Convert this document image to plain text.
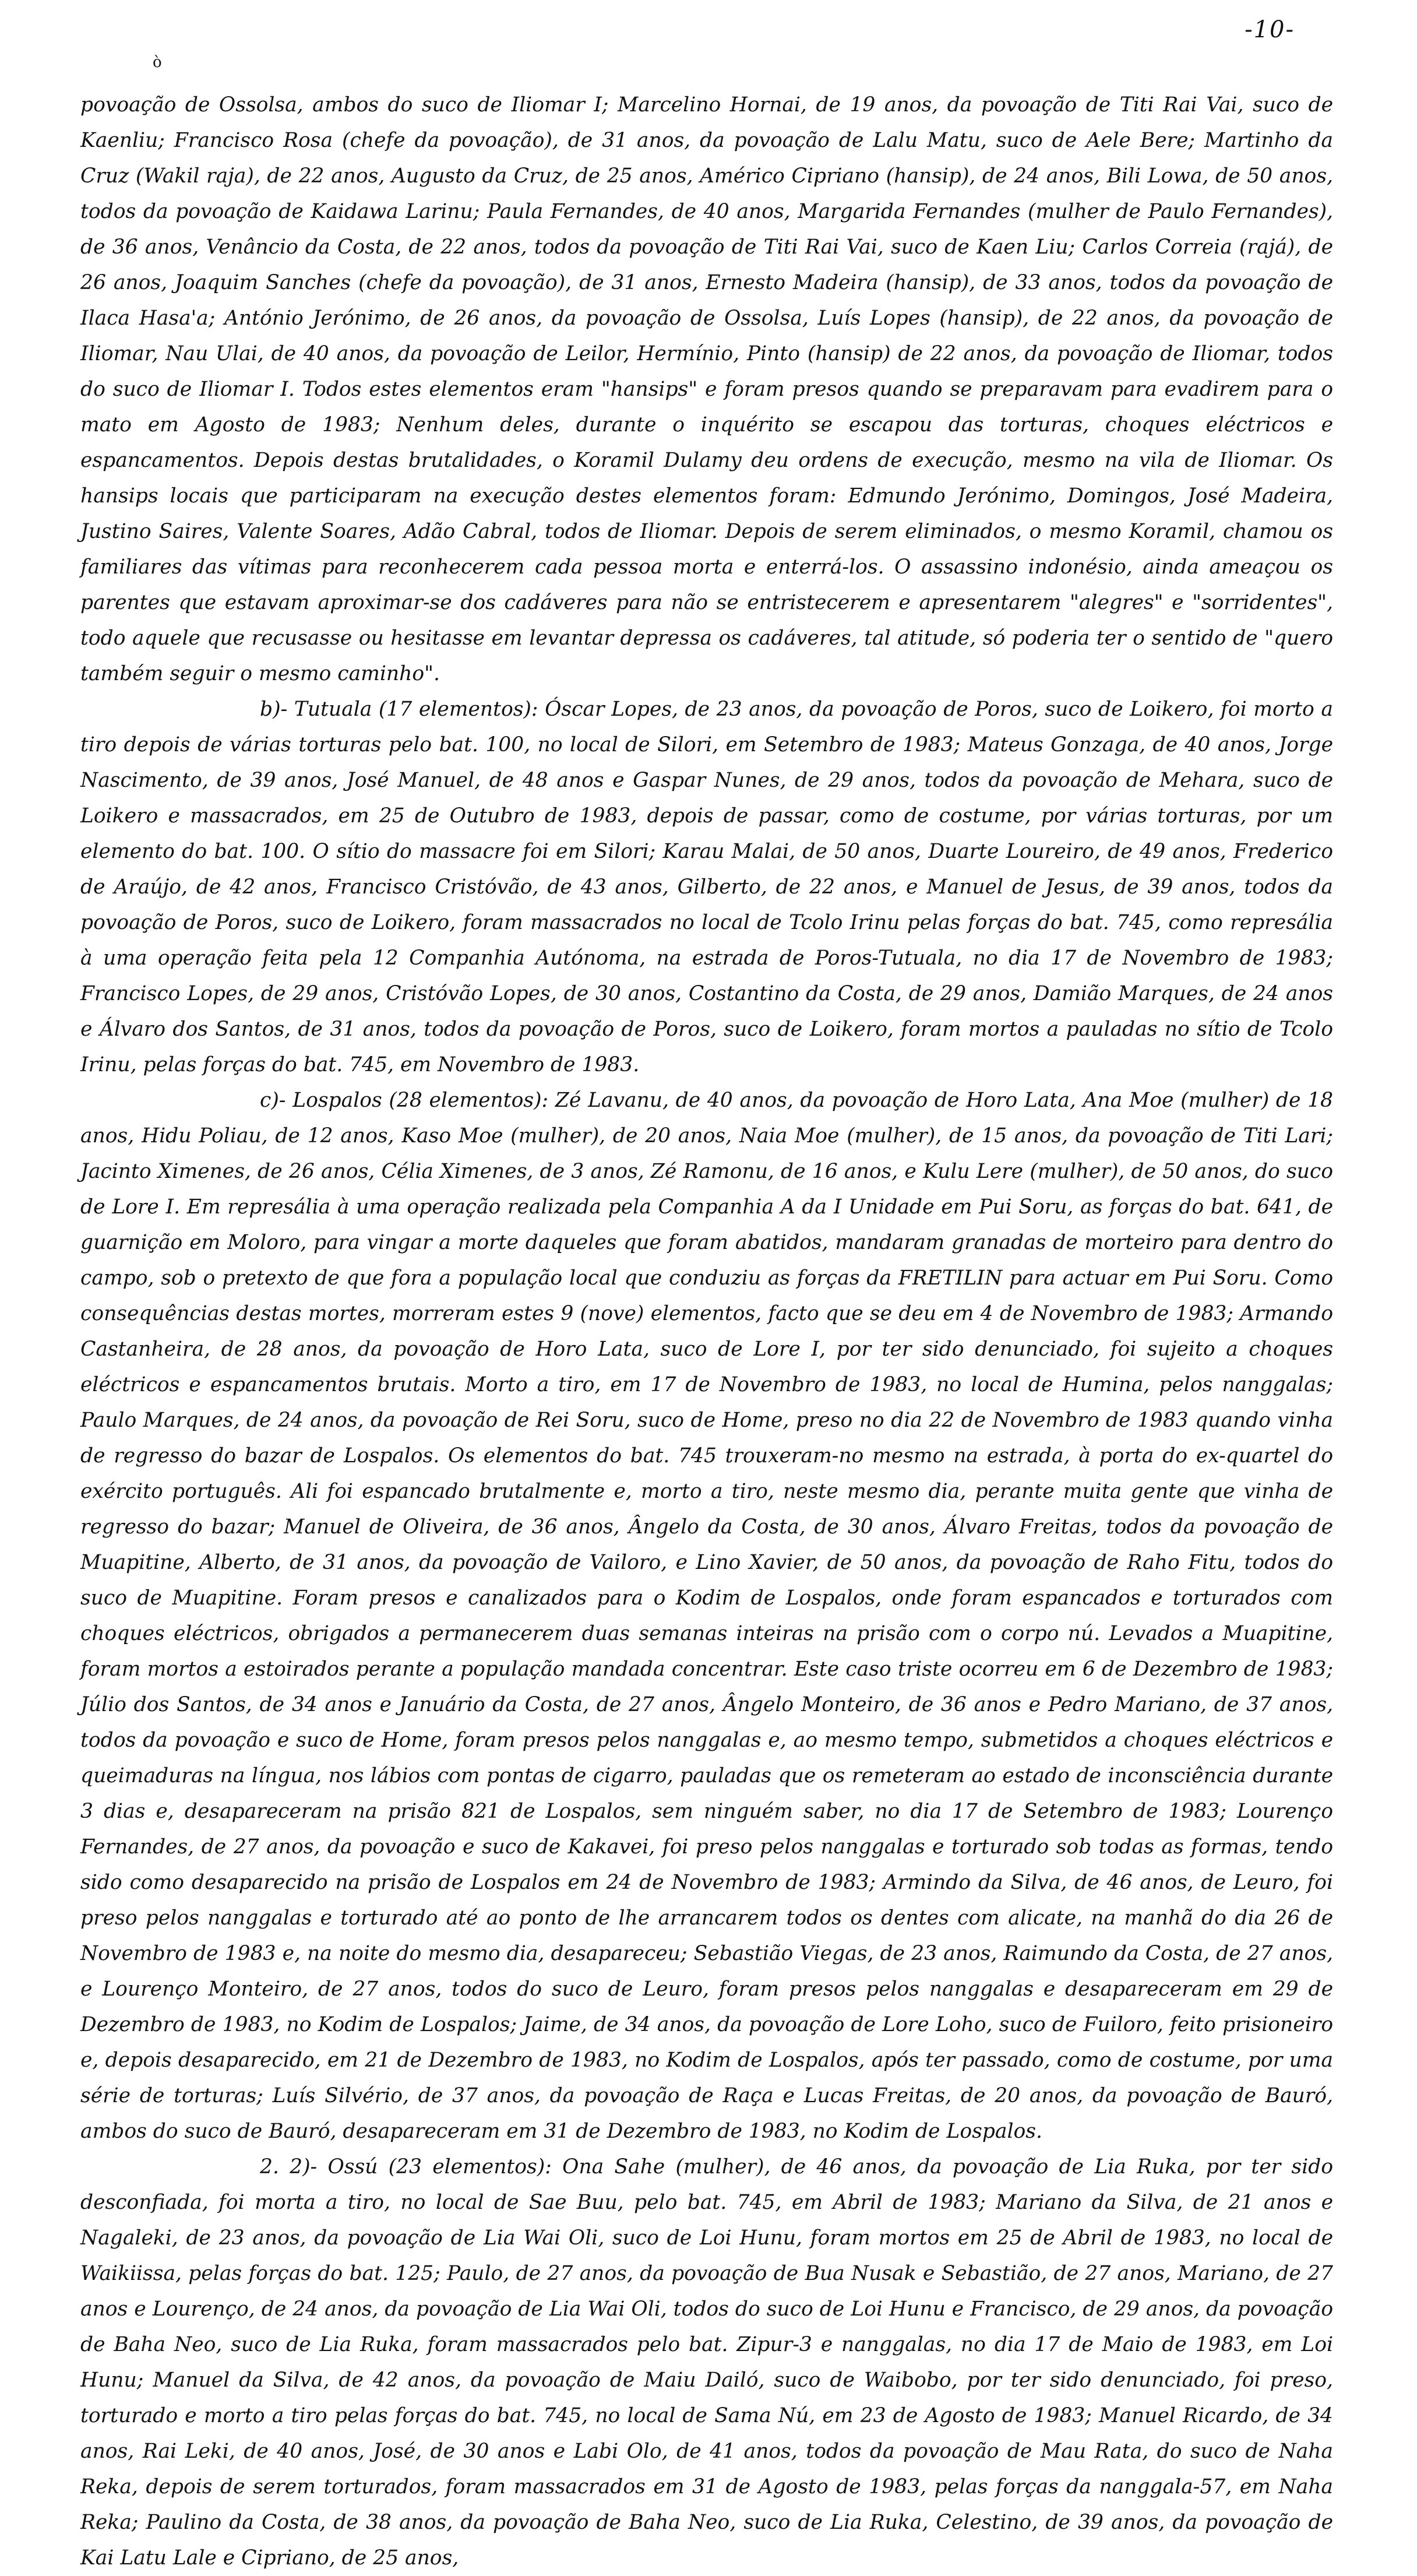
-10-
ò

povoação de Ossolsa, ambos do suco de Iliomar I; Marcelino Hornai, de 19 anos, da povoação de Titi Rai Vai, suco de Kaenliu; Francisco Rosa (chefe da povoação), de 31 anos, da povoação de Lalu Matu, suco de Aele Bere; Martinho da Cruz (Wakil raja), de 22 anos, Augusto da Cruz, de 25 anos, Américo Cipriano (hansip), de 24 anos, Bili Lowa, de 50 anos, todos da povoação de Kaidawa Larinu; Paula Fernandes, de 40 anos, Margarida Fernandes (mulher de Paulo Fernandes), de 36 anos, Venâncio da Costa, de 22 anos, todos da povoação de Titi Rai Vai, suco de Kaen Liu; Carlos Correia (rajá), de 26 anos, Joaquim Sanches (chefe da povoação), de 31 anos, Ernesto Madeira (hansip), de 33 anos, todos da povoação de Ilaca Hasa'a; António Jerónimo, de 26 anos, da povoação de Ossolsa, Luís Lopes (hansip), de 22 anos, da povoação de Iliomar, Nau Ulai, de 40 anos, da povoação de Leilor, Hermínio, Pinto (hansip) de 22 anos, da povoação de Iliomar, todos do suco de Iliomar I. Todos estes elementos eram "hansips" e foram presos quando se preparavam para evadirem para o mato em Agosto de 1983; Nenhum deles, durante o inquérito se escapou das torturas, choques eléctricos e espancamentos. Depois destas brutalidades, o Koramil Dulamy deu ordens de execução, mesmo na vila de Iliomar. Os hansips locais que participaram na execução destes elementos foram: Edmundo Jerónimo, Domingos, José Madeira, Justino Saires, Valente Soares, Adão Cabral, todos de Iliomar. Depois de serem eliminados, o mesmo Koramil, chamou os familiares das vítimas para reconhecerem cada pessoa morta e enterrá-los. O assassino indonésio, ainda ameaçou os parentes que estavam aproximar-se dos cadáveres para não se entristecerem e apresentarem "alegres" e "sorridentes", todo aquele que recusasse ou hesitasse em levantar depressa os cadáveres, tal atitude, só poderia ter o sentido de "quero também seguir o mesmo caminho".

b)- Tutuala (17 elementos): Óscar Lopes, de 23 anos, da povoação de Poros, suco de Loikero, foi morto a tiro depois de várias torturas pelo bat. 100, no local de Silori, em Setembro de 1983; Mateus Gonzaga, de 40 anos, Jorge Nascimento, de 39 anos, José Manuel, de 48 anos e Gaspar Nunes, de 29 anos, todos da povoação de Mehara, suco de Loikero e massacrados, em 25 de Outubro de 1983, depois de passar, como de costume, por várias torturas, por um elemento do bat. 100. O sítio do massacre foi em Silori; Karau Malai, de 50 anos, Duarte Loureiro, de 49 anos, Frederico de Araújo, de 42 anos, Francisco Cristóvão, de 43 anos, Gilberto, de 22 anos, e Manuel de Jesus, de 39 anos, todos da povoação de Poros, suco de Loikero, foram massacrados no local de Tcolo Irinu pelas forças do bat. 745, como represália à uma operação feita pela 12 Companhia Autónoma, na estrada de Poros-Tutuala, no dia 17 de Novembro de 1983; Francisco Lopes, de 29 anos, Cristóvão Lopes, de 30 anos, Costantino da Costa, de 29 anos, Damião Marques, de 24 anos e Álvaro dos Santos, de 31 anos, todos da povoação de Poros, suco de Loikero, foram mortos a pauladas no sítio de Tcolo Irinu, pelas forças do bat. 745, em Novembro de 1983.

c)- Lospalos (28 elementos): Zé Lavanu, de 40 anos, da povoação de Horo Lata, Ana Moe (mulher) de 18 anos, Hidu Poliau, de 12 anos, Kaso Moe (mulher), de 20 anos, Naia Moe (mulher), de 15 anos, da povoação de Titi Lari; Jacinto Ximenes, de 26 anos, Célia Ximenes, de 3 anos, Zé Ramonu, de 16 anos, e Kulu Lere (mulher), de 50 anos, do suco de Lore I. Em represália à uma operação realizada pela Companhia A da I Unidade em Pui Soru, as forças do bat. 641, de guarnição em Moloro, para vingar a morte daqueles que foram abatidos, mandaram granadas de morteiro para dentro do campo, sob o pretexto de que fora a população local que conduziu as forças da FRETILIN para actuar em Pui Soru. Como consequências destas mortes, morreram estes 9 (nove) elementos, facto que se deu em 4 de Novembro de 1983; Armando Castanheira, de 28 anos, da povoação de Horo Lata, suco de Lore I, por ter sido denunciado, foi sujeito a choques eléctricos e espancamentos brutais. Morto a tiro, em 17 de Novembro de 1983, no local de Humina, pelos nanggalas; Paulo Marques, de 24 anos, da povoação de Rei Soru, suco de Home, preso no dia 22 de Novembro de 1983 quando vinha de regresso do bazar de Lospalos. Os elementos do bat. 745 trouxeram-no mesmo na estrada, à porta do ex-quartel do exército português. Ali foi espancado brutalmente e, morto a tiro, neste mesmo dia, perante muita gente que vinha de regresso do bazar; Manuel de Oliveira, de 36 anos, Ângelo da Costa, de 30 anos, Álvaro Freitas, todos da povoação de Muapitine, Alberto, de 31 anos, da povoação de Vailoro, e Lino Xavier, de 50 anos, da povoação de Raho Fitu, todos do suco de Muapitine. Foram presos e canalizados para o Kodim de Lospalos, onde foram espancados e torturados com choques eléctricos, obrigados a permanecerem duas semanas inteiras na prisão com o corpo nú. Levados a Muapitine, foram mortos a estoirados perante a população mandada concentrar. Este caso triste ocorreu em 6 de Dezembro de 1983; Júlio dos Santos, de 34 anos e Januário da Costa, de 27 anos, Ângelo Monteiro, de 36 anos e Pedro Mariano, de 37 anos, todos da povoação e suco de Home, foram presos pelos nanggalas e, ao mesmo tempo, submetidos a choques eléctricos e queimaduras na língua, nos lábios com pontas de cigarro, pauladas que os remeteram ao estado de inconsciência durante 3 dias e, desapareceram na prisão 821 de Lospalos, sem ninguém saber, no dia 17 de Setembro de 1983; Lourenço Fernandes, de 27 anos, da povoação e suco de Kakavei, foi preso pelos nanggalas e torturado sob todas as formas, tendo sido como desaparecido na prisão de Lospalos em 24 de Novembro de 1983; Armindo da Silva, de 46 anos, de Leuro, foi preso pelos nanggalas e torturado até ao ponto de lhe arrancarem todos os dentes com alicate, na manhã do dia 26 de Novembro de 1983 e, na noite do mesmo dia, desapareceu; Sebastião Viegas, de 23 anos, Raimundo da Costa, de 27 anos, e Lourenço Monteiro, de 27 anos, todos do suco de Leuro, foram presos pelos nanggalas e desapareceram em 29 de Dezembro de 1983, no Kodim de Lospalos; Jaime, de 34 anos, da povoação de Lore Loho, suco de Fuiloro, feito prisioneiro e, depois desaparecido, em 21 de Dezembro de 1983, no Kodim de Lospalos, após ter passado, como de costume, por uma série de torturas; Luís Silvério, de 37 anos, da povoação de Raça e Lucas Freitas, de 20 anos, da povoação de Bauró, ambos do suco de Bauró, desapareceram em 31 de Dezembro de 1983, no Kodim de Lospalos.

2. 2)- Ossú (23 elementos): Ona Sahe (mulher), de 46 anos, da povoação de Lia Ruka, por ter sido desconfiada, foi morta a tiro, no local de Sae Buu, pelo bat. 745, em Abril de 1983; Mariano da Silva, de 21 anos e Nagaleki, de 23 anos, da povoação de Lia Wai Oli, suco de Loi Hunu, foram mortos em 25 de Abril de 1983, no local de Waikiissa, pelas forças do bat. 125; Paulo, de 27 anos, da povoação de Bua Nusak e Sebastião, de 27 anos, Mariano, de 27 anos e Lourenço, de 24 anos, da povoação de Lia Wai Oli, todos do suco de Loi Hunu e Francisco, de 29 anos, da povoação de Baha Neo, suco de Lia Ruka, foram massacrados pelo bat. Zipur-3 e nanggalas, no dia 17 de Maio de 1983, em Loi Hunu; Manuel da Silva, de 42 anos, da povoação de Maiu Dailó, suco de Waibobo, por ter sido denunciado, foi preso, torturado e morto a tiro pelas forças do bat. 745, no local de Sama Nú, em 23 de Agosto de 1983; Manuel Ricardo, de 34 anos, Rai Leki, de 40 anos, José, de 30 anos e Labi Olo, de 41 anos, todos da povoação de Mau Rata, do suco de Naha Reka, depois de serem torturados, foram massacrados em 31 de Agosto de 1983, pelas forças da nanggala-57, em Naha Reka; Paulino da Costa, de 38 anos, da povoação de Baha Neo, suco de Lia Ruka, Celestino, de 39 anos, da povoação de Kai Latu Lale e Cipriano, de 25 anos,
